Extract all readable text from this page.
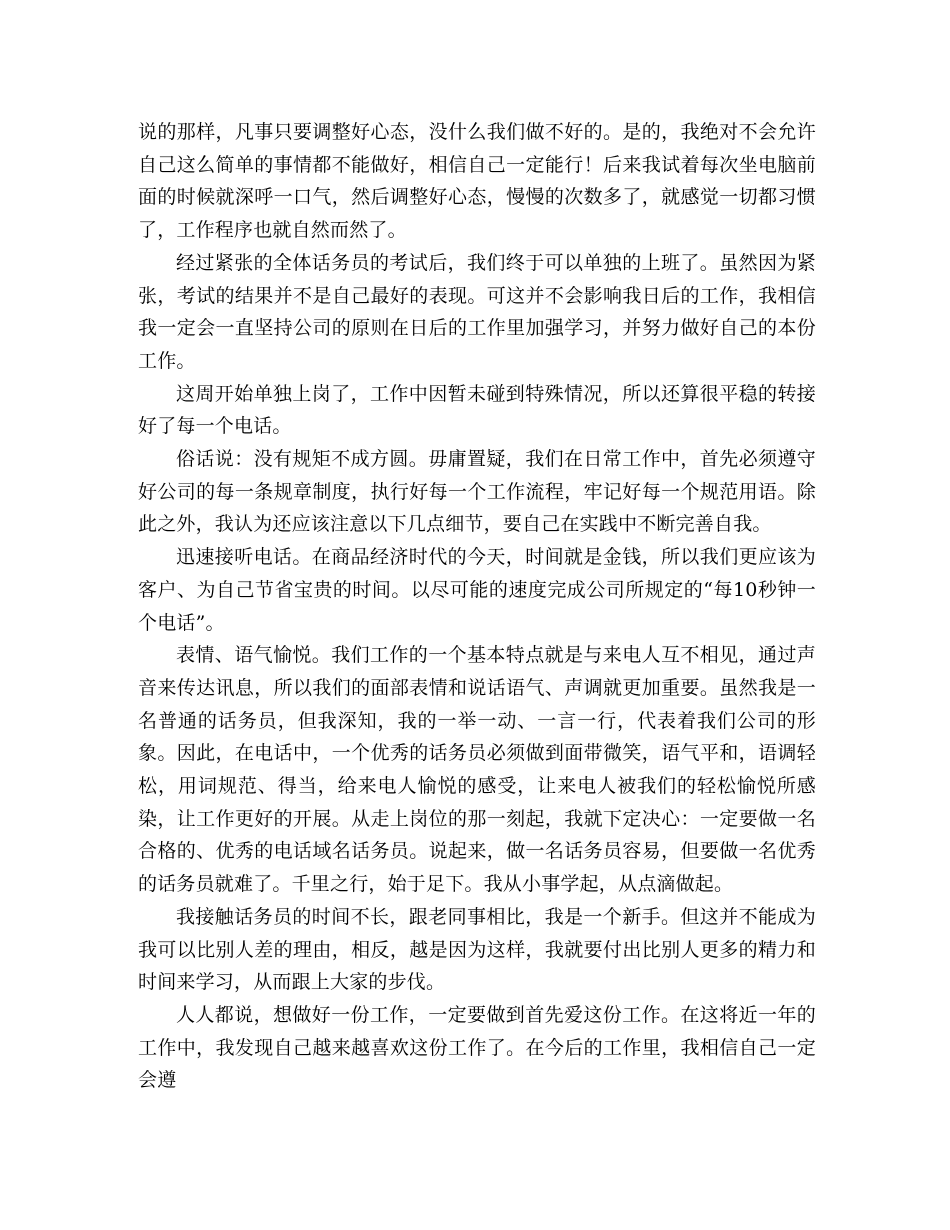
说的那样，凡事只要调整好心态，没什么我们做不好的。是的，我绝对不会允许自己这么简单的事情都不能做好，相信自己一定能行！后来我试着每次坐电脑前面的时候就深呼一口气，然后调整好心态，慢慢的次数多了，就感觉一切都习惯了，工作程序也就自然而然了。

经过紧张的全体话务员的考试后，我们终于可以单独的上班了。虽然因为紧张，考试的结果并不是自己最好的表现。可这并不会影响我日后的工作，我相信我一定会一直坚持公司的原则在日后的工作里加强学习，并努力做好自己的本份工作。

这周开始单独上岗了，工作中因暂未碰到特殊情况，所以还算很平稳的转接好了每一个电话。

俗话说：没有规矩不成方圆。毋庸置疑，我们在日常工作中，首先必须遵守好公司的每一条规章制度，执行好每一个工作流程，牢记好每一个规范用语。除此之外，我认为还应该注意以下几点细节，要自己在实践中不断完善自我。

迅速接听电话。在商品经济时代的今天，时间就是金钱，所以我们更应该为客户、为自己节省宝贵的时间。以尽可能的速度完成公司所规定的“每10秒钟一个电话”。

表情、语气愉悦。我们工作的一个基本特点就是与来电人互不相见，通过声音来传达讯息，所以我们的面部表情和说话语气、声调就更加重要。虽然我是一名普通的话务员，但我深知，我的一举一动、一言一行，代表着我们公司的形象。因此，在电话中，一个优秀的话务员必须做到面带微笑，语气平和，语调轻松，用词规范、得当，给来电人愉悦的感受，让来电人被我们的轻松愉悦所感染，让工作更好的开展。从走上岗位的那一刻起，我就下定决心：一定要做一名合格的、优秀的电话域名话务员。说起来，做一名话务员容易，但要做一名优秀的话务员就难了。千里之行，始于足下。我从小事学起，从点滴做起。

我接触话务员的时间不长，跟老同事相比，我是一个新手。但这并不能成为我可以比别人差的理由，相反，越是因为这样，我就要付出比别人更多的精力和时间来学习，从而跟上大家的步伐。

人人都说，想做好一份工作，一定要做到首先爱这份工作。在这将近一年的工作中，我发现自己越来越喜欢这份工作了。在今后的工作里，我相信自己一定会遵
